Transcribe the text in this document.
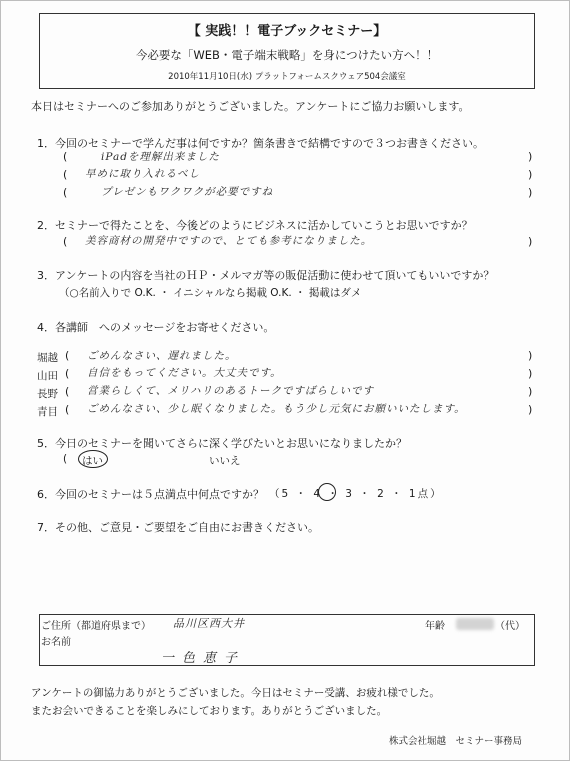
【 実践！！電子ブックセミナー】
今必要な「WEB・電子端末戦略」を身につけたい方へ！！
2010年11月10日(水) プラットフォームスクウェア504会議室
本日はセミナーへのご参加ありがとうございました。アンケートにご協力お願いします。
1．今回のセミナーで学んだ事は何ですか？箇条書きで結構ですので３つお書きください。
(	iPadを理解出来ました	)
( 早めに取り入れるべし	)
(	プレゼンもワクワクが必要ですね	)
2．セミナーで得たことを、今後どのようにビジネスに活かしていこうとお思いですか？
( 美容商材の開発中ですので、とても参考になりました。	)
3．アンケートの内容を当社のＨＰ・メルマガ等の販促活動に使わせて頂いてもいいですか？
（○名前入りで O.K. ・ イニシャルなら掲載 O.K. ・ 掲載はダメ
4．各講師　へのメッセージをお寄せください。
堀越 ( ごめんなさい、遅れました。	)
山田 ( 自信をもってください。大丈夫です。	)
長野 ( 営業らしくて、メリハリのあるトークですばらしいです	)
青目 ( ごめんなさい、少し眠くなりました。もう少し元気にお願いいたします。	)
5．今日のセミナーを聞いてさらに深く学びたいとお思いになりましたか？
( はい	いいえ
6．今回のセミナーは５点満点中何点ですか？ （5 ・ 4 ・ 3 ・ 2 ・ 1点）
7．その他、ご意見・ご要望をご自由にお書きください。
ご住所（都道府県まで） 品川区西大井	年齢	（代）
お名前
一色恵子
アンケートの御協力ありがとうございました。今日はセミナー受講、お疲れ様でした。
またお会いできることを楽しみにしております。ありがとうございました。
株式会社堀越　セミナー事務局
